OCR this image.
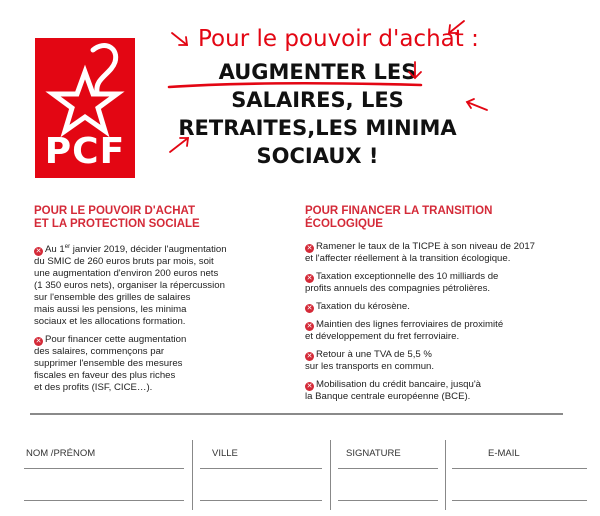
PCF
Pour le pouvoir d'achat :
AUGMENTER LES
SALAIRES, LES
RETRAITES,LES MINIMA
SOCIAUX !
POUR LE POUVOIR D'ACHAT
ET LA PROTECTION SOCIALE
✕ Au 1er janvier 2019, décider l'augmentation
du SMIC de 260 euros bruts par mois, soit
une augmentation d'environ 200 euros nets
(1 350 euros nets), organiser la répercussion
sur l'ensemble des grilles de salaires
mais aussi les pensions, les minima
sociaux et les allocations formation.
✕ Pour financer cette augmentation
des salaires, commençons par
supprimer l'ensemble des mesures
fiscales en faveur des plus riches
et des profits (ISF, CICE…).
POUR FINANCER LA TRANSITION
ÉCOLOGIQUE
✕ Ramener le taux de la TICPE à son niveau de 2017
et l'affecter réellement à la transition écologique.
✕ Taxation exceptionnelle des 10 milliards de
profits annuels des compagnies pétrolières.
✕ Taxation du kérosène.
✕ Maintien des lignes ferroviaires de proximité
et développement du fret ferroviaire.
✕ Retour à une TVA de 5,5 %
sur les transports en commun.
✕ Mobilisation du crédit bancaire, jusqu'à
la Banque centrale européenne (BCE).
NOM /PRÉNOM	VILLE	SIGNATURE	E-MAIL
